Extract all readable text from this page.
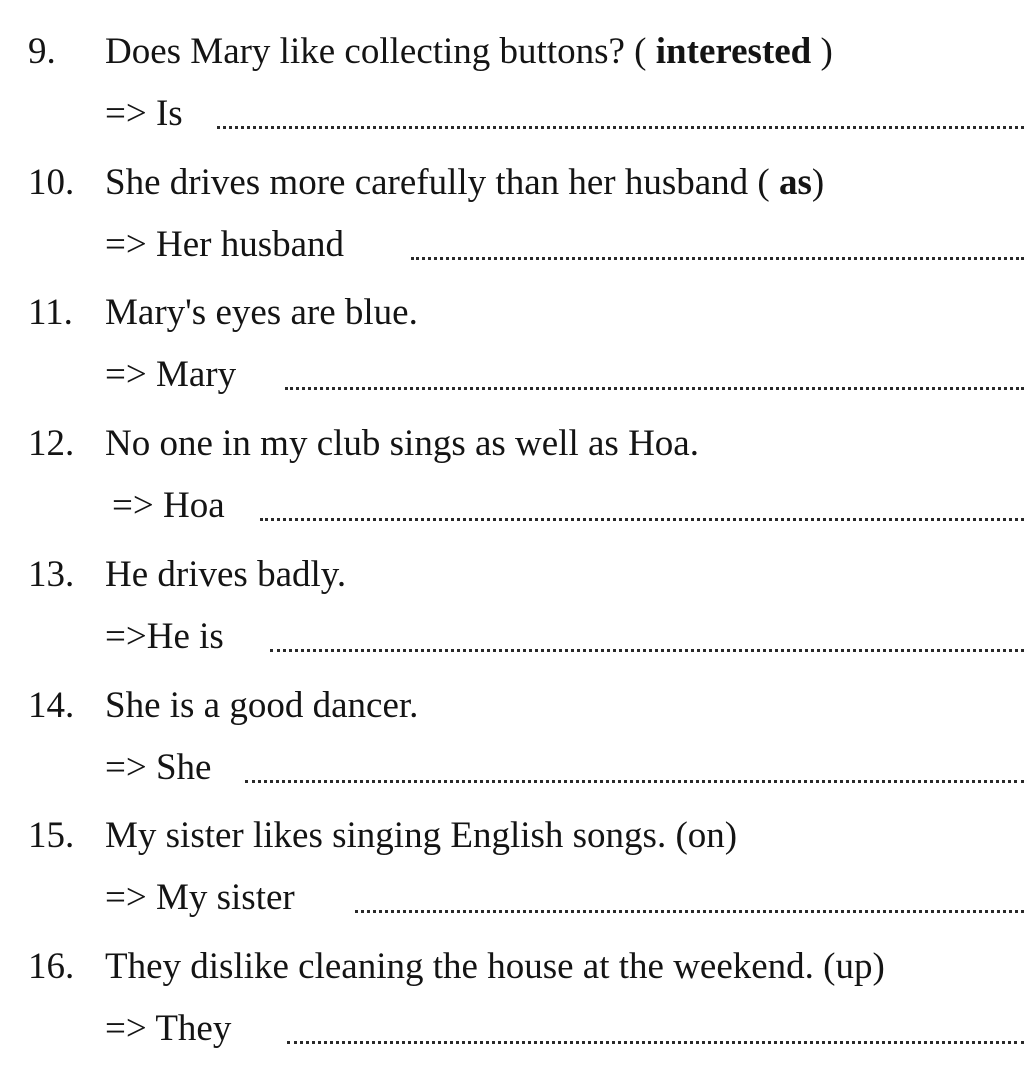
9. Does Mary like collecting buttons? ( interested )
=> Is
10. She drives more carefully than her husband ( as)
=> Her husband
11. Mary's eyes are blue.
=> Mary
12. No one in my club sings as well as Hoa.
=> Hoa
13. He drives badly.
=>He is
14. She is a good dancer.
=> She
15. My sister likes singing English songs. (on)
=> My sister
16. They dislike cleaning the house at the weekend. (up)
=> They
